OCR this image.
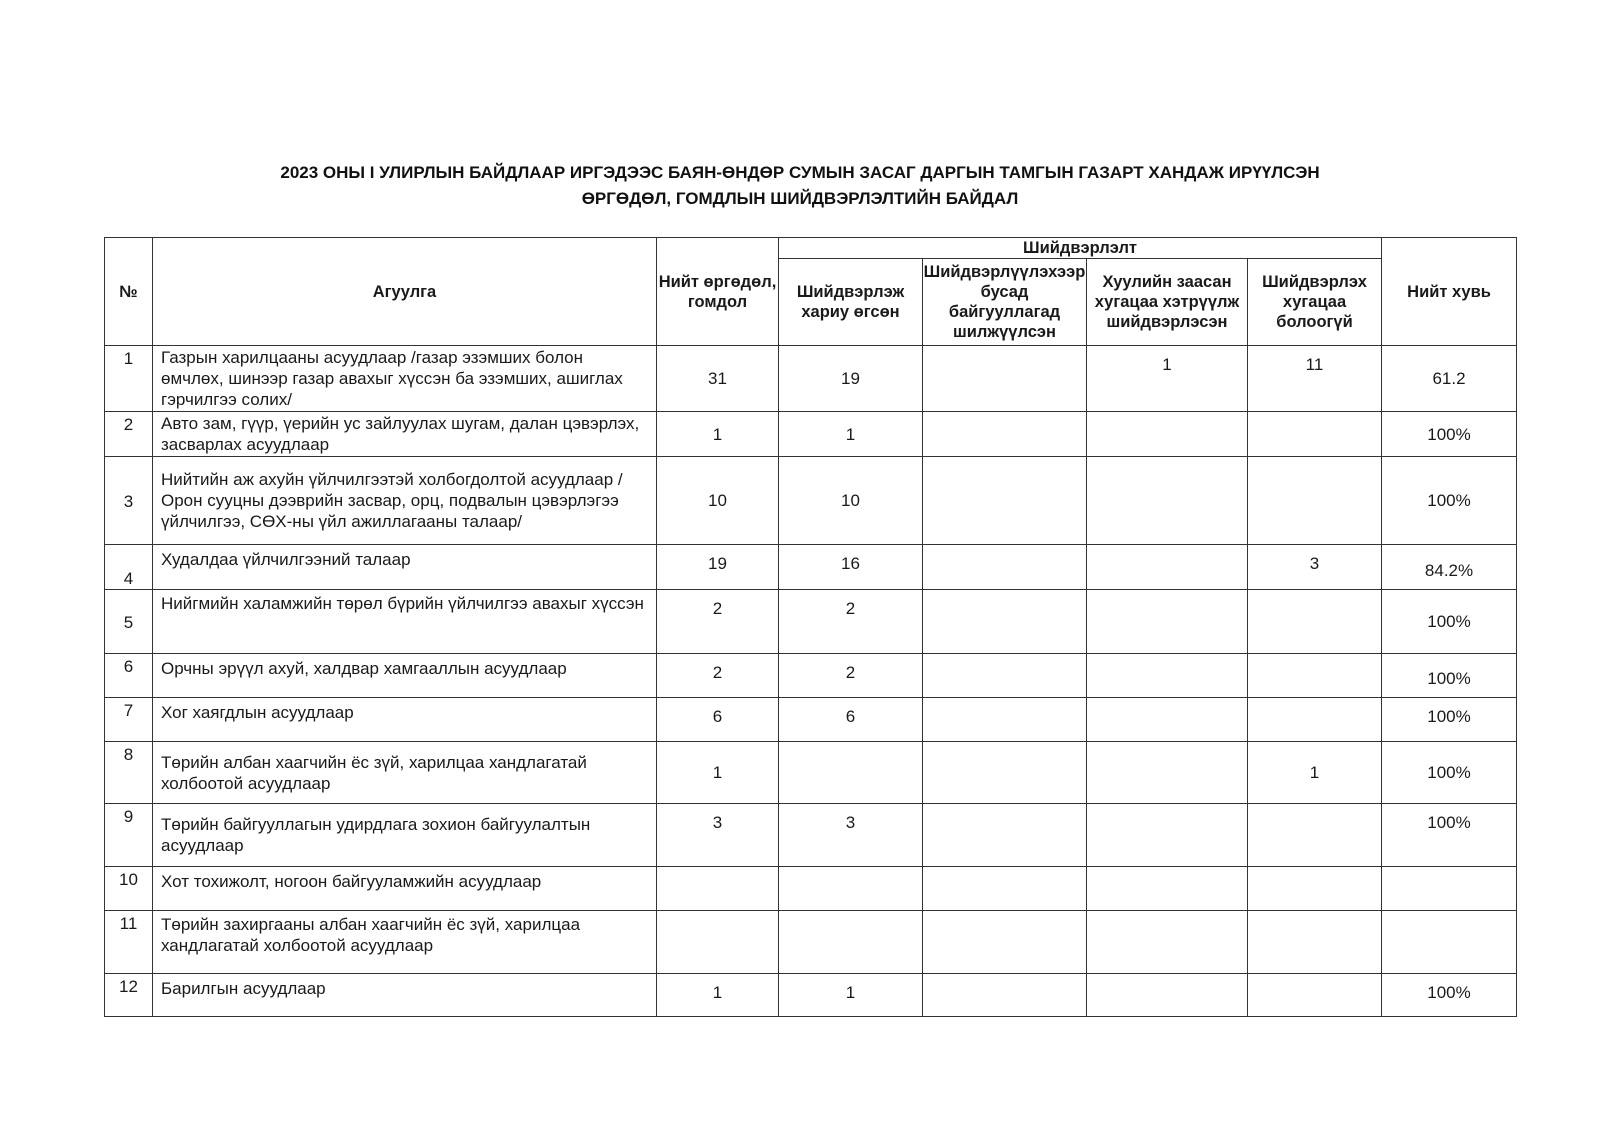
2023 ОНЫ I УЛИРЛЫН БАЙДЛААР ИРГЭДЭЭС БАЯН-ӨНДӨР СУМЫН ЗАСАГ ДАРГЫН ТАМГЫН ГАЗАРТ ХАНДАЖ ИРҮҮЛСЭН
ӨРГӨДӨЛ, ГОМДЛЫН ШИЙДВЭРЛЭЛТИЙН БАЙДАЛ
№	Агуулга	Нийт өргөдөл, гомдол	Шийдвэрлэлт				Нийт хувь
			Шийдвэрлэж хариу өгсөн	Шийдвэрлүүлэхээр бусад байгууллагад шилжүүлсэн	Хуулийн заасан хугацаа хэтрүүлж шийдвэрлэсэн	Шийдвэрлэх хугацаа болоогүй	
1	Газрын харилцааны асуудлаар /газар эзэмших болон өмчлөх, шинээр газар авахыг хүссэн ба эзэмших, ашиглах гэрчилгээ солих/	31	19		1	11	61.2
2	Авто зам, гүүр, үерийн ус зайлуулах шугам, далан цэвэрлэх, засварлах асуудлаар	1	1				100%
3	Нийтийн аж ахуйн үйлчилгээтэй холбогдолтой асуудлаар /Орон сууцны дээврийн засвар, орц, подвалын цэвэрлэгээ үйлчилгээ, СӨХ-ны үйл ажиллагааны талаар/	10	10				100%
4	Худалдаа үйлчилгээний талаар	19	16			3	84.2%
5	Нийгмийн халамжийн төрөл бүрийн үйлчилгээ авахыг хүссэн	2	2				100%
6	Орчны эрүүл ахуй, халдвар хамгааллын асуудлаар	2	2				100%
7	Хог хаягдлын асуудлаар	6	6				100%
8	Төрийн албан хаагчийн ёс зүй, харилцаа хандлагатай холбоотой асуудлаар	1				1	100%
9	Төрийн байгууллагын удирдлага зохион байгуулалтын асуудлаар	3	3				100%
10	Хот тохижолт, ногоон байгууламжийн асуудлаар						
11	Төрийн захиргааны албан хаагчийн ёс зүй, харилцаа хандлагатай холбоотой асуудлаар						
12	Барилгын асуудлаар	1	1				100%
